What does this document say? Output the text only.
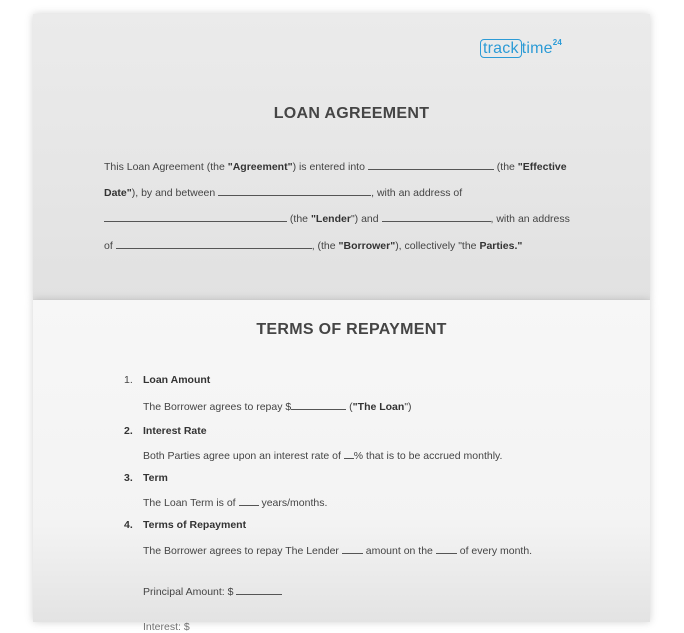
track time$^{24}$
LOAN AGREEMENT
This Loan Agreement (the "Agreement") is entered into	(the "Effective
Date"), by and between	, with an address of
(the "Lender") and	, with an address
of	, (the "Borrower"), collectively "the Parties."
TERMS OF REPAYMENT
1. Loan Amount
The Borrower agrees to repay $	("The Loan")
2. Interest Rate
Both Parties agree upon an interest rate of % that is to be accrued monthly.
3. Term
The Loan Term is of  years/months.
4. Terms of Repayment
The Borrower agrees to repay The Lender  amount on the  of every month.
Principal Amount: $
Interest: $
